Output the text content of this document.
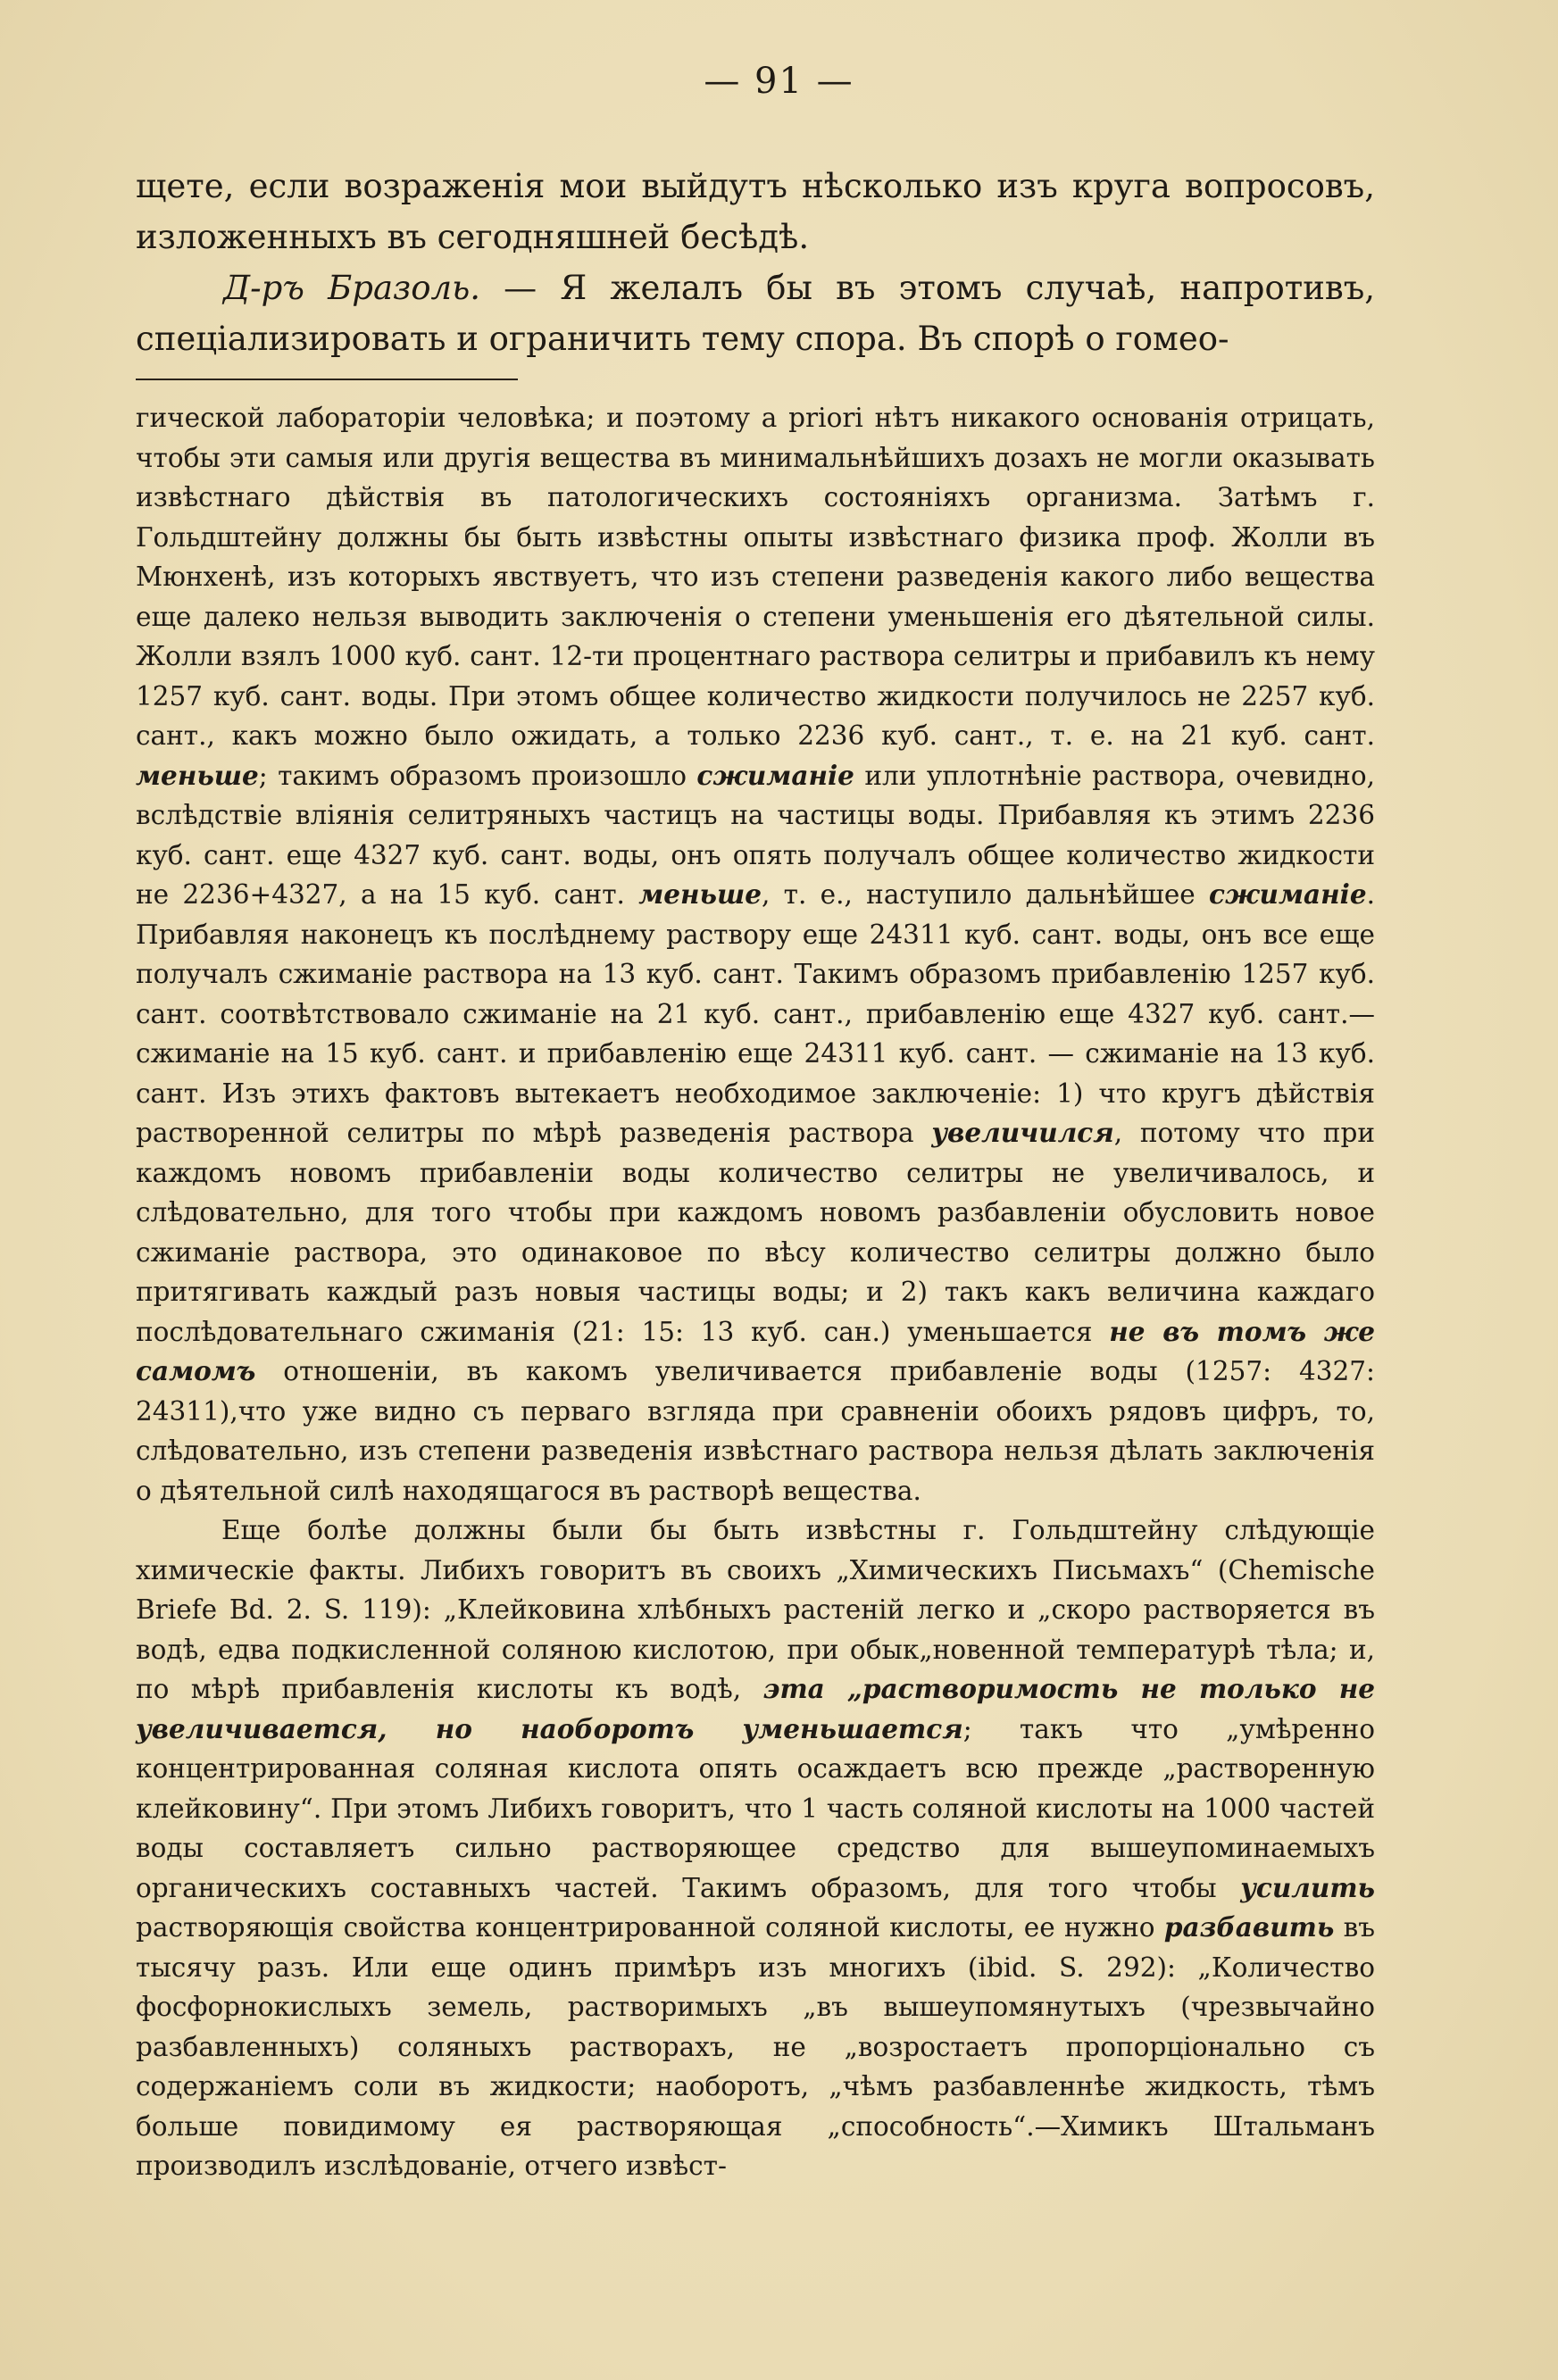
— 91 —

щете, если возраженія мои выйдутъ нѣсколько изъ круга вопросовъ, изложенныхъ въ сегодняшней бесѣдѣ.

Д-ръ Бразоль. — Я желалъ бы въ этомъ случаѣ, напротивъ, спеціализировать и ограничить тему спора. Въ спорѣ о гомео-

гической лабораторіи человѣка; и поэтому а priori нѣтъ никакого основанія отрицать, чтобы эти самыя или другія вещества въ минимальнѣйшихъ дозахъ не могли оказывать извѣстнаго дѣйствія въ патологическихъ состояніяхъ организма. Затѣмъ г. Гольдштейну должны бы быть извѣстны опыты извѣстнаго физика проф. Жолли въ Мюнхенѣ, изъ которыхъ явствуетъ, что изъ степени разведенія какого либо вещества еще далеко нельзя выводить заключенія о степени уменьшенія его дѣятельной силы. Жолли взялъ 1000 куб. сант. 12-ти процентнаго раствора селитры и прибавилъ къ нему 1257 куб. сант. воды. При этомъ общее количество жидкости получилось не 2257 куб. сант., какъ можно было ожидать, а только 2236 куб. сант., т. е. на 21 куб. сант. меньше; такимъ образомъ произошло сжиманіе или уплотнѣніе раствора, очевидно, вслѣдствіе вліянія селитряныхъ частицъ на частицы воды. Прибавляя къ этимъ 2236 куб. сант. еще 4327 куб. сант. воды, онъ опять получалъ общее количество жидкости не 2236+4327, а на 15 куб. сант. меньше, т. е., наступило дальнѣйшее сжиманіе. Прибавляя наконецъ къ послѣднему раствору еще 24311 куб. сант. воды, онъ все еще получалъ сжиманіе раствора на 13 куб. сант. Такимъ образомъ прибавленію 1257 куб. сант. соотвѣтствовало сжиманіе на 21 куб. сант., прибавленію еще 4327 куб. сант.—сжиманіе на 15 куб. сант. и прибавленію еще 24311 куб. сант. — сжиманіе на 13 куб. сант. Изъ этихъ фактовъ вытекаетъ необходимое заключеніе: 1) что кругъ дѣйствія растворенной селитры по мѣрѣ разведенія раствора увеличился, потому что при каждомъ новомъ прибавленіи воды количество селитры не увеличивалось, и слѣдовательно, для того чтобы при каждомъ новомъ разбавленіи обусловить новое сжиманіе раствора, это одинаковое по вѣсу количество селитры должно было притягивать каждый разъ новыя частицы воды; и 2) такъ какъ величина каждаго послѣдовательнаго сжиманія (21: 15: 13 куб. сан.) уменьшается не въ томъ же самомъ отношеніи, въ какомъ увеличивается прибавленіе воды (1257: 4327: 24311),что уже видно съ перваго взгляда при сравненіи обоихъ рядовъ цифръ, то, слѣдовательно, изъ степени разведенія извѣстнаго раствора нельзя дѣлать заключенія о дѣятельной силѣ находящагося въ растворѣ вещества.

Еще болѣе должны были бы быть извѣстны г. Гольдштейну слѣдующіе химическіе факты. Либихъ говоритъ въ своихъ „Химическихъ Письмахъ“ (Chemische Briefe Bd. 2. S. 119): „Клейковина хлѣбныхъ растеній легко и „скоро растворяется въ водѣ, едва подкисленной соляною кислотою, при обык„новенной температурѣ тѣла; и, по мѣрѣ прибавленія кислоты къ водѣ, эта „растворимость не только не увеличивается, но наоборотъ уменьшается; такъ что „умѣренно концентрированная соляная кислота опять осаждаетъ всю прежде „растворенную клейковину“. При этомъ Либихъ говоритъ, что 1 часть соляной кислоты на 1000 частей воды составляетъ сильно растворяющее средство для вышеупоминаемыхъ органическихъ составныхъ частей. Такимъ образомъ, для того чтобы усилить растворяющія свойства концентрированной соляной кислоты, ее нужно разбавить въ тысячу разъ. Или еще одинъ примѣръ изъ многихъ (ibid. S. 292): „Количество фосфорнокислыхъ земель, растворимыхъ „въ вышеупомянутыхъ (чрезвычайно разбавленныхъ) соляныхъ растворахъ, не „возростаетъ пропорціонально съ содержаніемъ соли въ жидкости; наоборотъ, „чѣмъ разбавленнѣе жидкость, тѣмъ больше повидимому ея растворяющая „способность“.—Химикъ Штальманъ производилъ изслѣдованіе, отчего извѣст-
